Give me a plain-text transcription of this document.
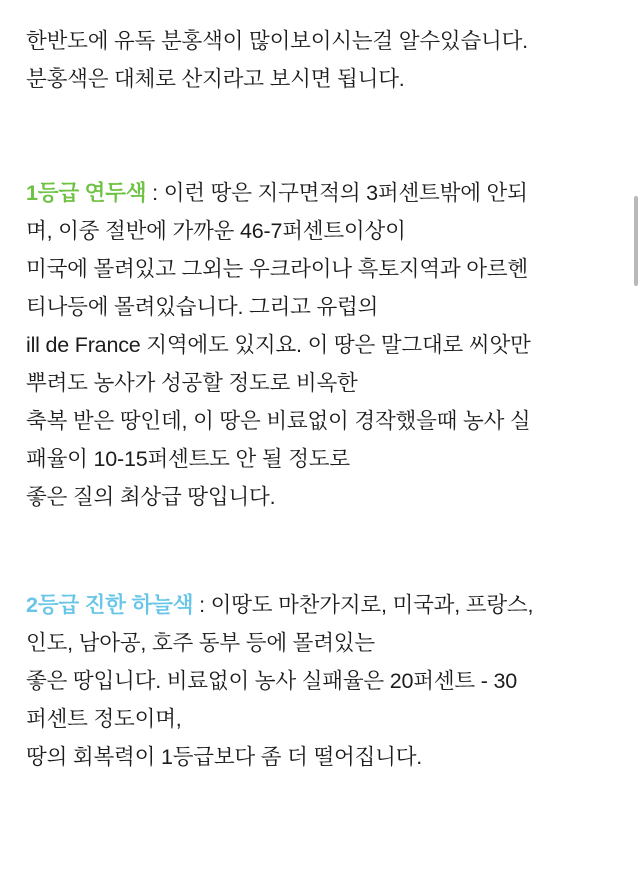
한반도에 유독 분홍색이 많이보이시는걸 알수있습니다.
분홍색은 대체로 산지라고 보시면 됩니다.
1등급 연두색 : 이런 땅은 지구면적의 3퍼센트밖에 안되
며, 이중 절반에 가까운 46-7퍼센트이상이
미국에 몰려있고 그외는 우크라이나 흑토지역과 아르헨
티나등에 몰려있습니다. 그리고 유럽의
ill de France 지역에도 있지요. 이 땅은 말그대로 씨앗만
뿌려도 농사가 성공할 정도로 비옥한
축복 받은 땅인데, 이 땅은 비료없이 경작했을때 농사 실
패율이 10-15퍼센트도 안 될 정도로
좋은 질의 최상급 땅입니다.
2등급 진한 하늘색 : 이땅도 마찬가지로, 미국과, 프랑스,
인도, 남아공, 호주 동부 등에 몰려있는
좋은 땅입니다. 비료없이 농사 실패율은 20퍼센트 - 30
퍼센트 정도이며,
땅의 회복력이 1등급보다 좀 더 떨어집니다.
